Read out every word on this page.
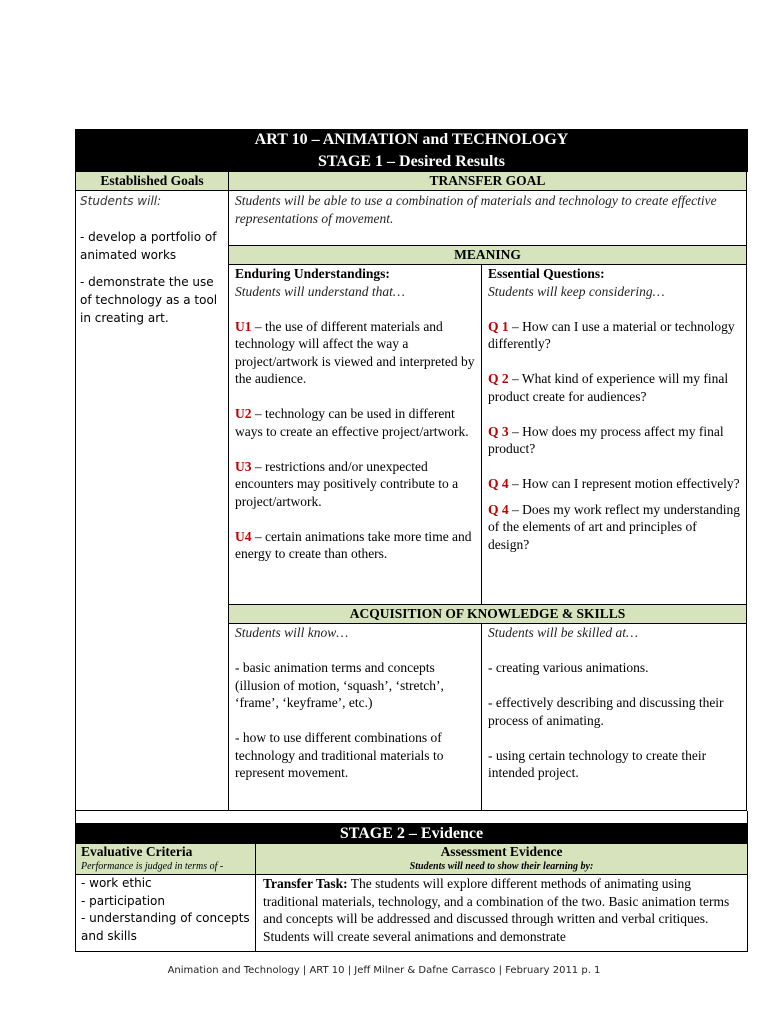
ART 10 – ANIMATION and TECHNOLOGY
STAGE 1 – Desired Results
Established Goals

Students will:

- develop a portfolio of animated works

- demonstrate the use of technology as a tool in creating art.

TRANSFER GOAL

Students will be able to use a combination of materials and technology to create effective representations of movement.

MEANING

Enduring Understandings:

Students will understand that…

U1 – the use of different materials and technology will affect the way a project/artwork is viewed and interpreted by the audience.

U2 – technology can be used in different ways to create an effective project/artwork.

U3 – restrictions and/or unexpected encounters may positively contribute to a project/artwork.

U4 – certain animations take more time and energy to create than others.

Essential Questions:

Students will keep considering…

Q 1 – How can I use a material or technology differently?

Q 2 – What kind of experience will my final product create for audiences?

Q 3 – How does my process affect my final product?

Q 4 – How can I represent motion effectively?

Q 4 – Does my work reflect my understanding of the elements of art and principles of design?

ACQUISITION OF KNOWLEDGE & SKILLS

Students will know…

- basic animation terms and concepts (illusion of motion, ‘squash’, ‘stretch’, ‘frame’, ‘keyframe’, etc.)

- how to use different combinations of technology and traditional materials to represent movement.

Students will be skilled at…

- creating various animations.

- effectively describing and discussing their process of animating.

- using certain technology to create their intended project.

STAGE 2 – Evidence

Evaluative Criteria

Performance is judged in terms of -

- work ethic

- participation

- understanding of concepts and skills

Assessment Evidence

Students will need to show their learning by:

Transfer Task: The students will explore different methods of animating using traditional materials, technology, and a combination of the two. Basic animation terms and concepts will be addressed and discussed through written and verbal critiques. Students will create several animations and demonstrate

Animation and Technology | ART 10 | Jeff Milner & Dafne Carrasco | February 2011 p. 1
